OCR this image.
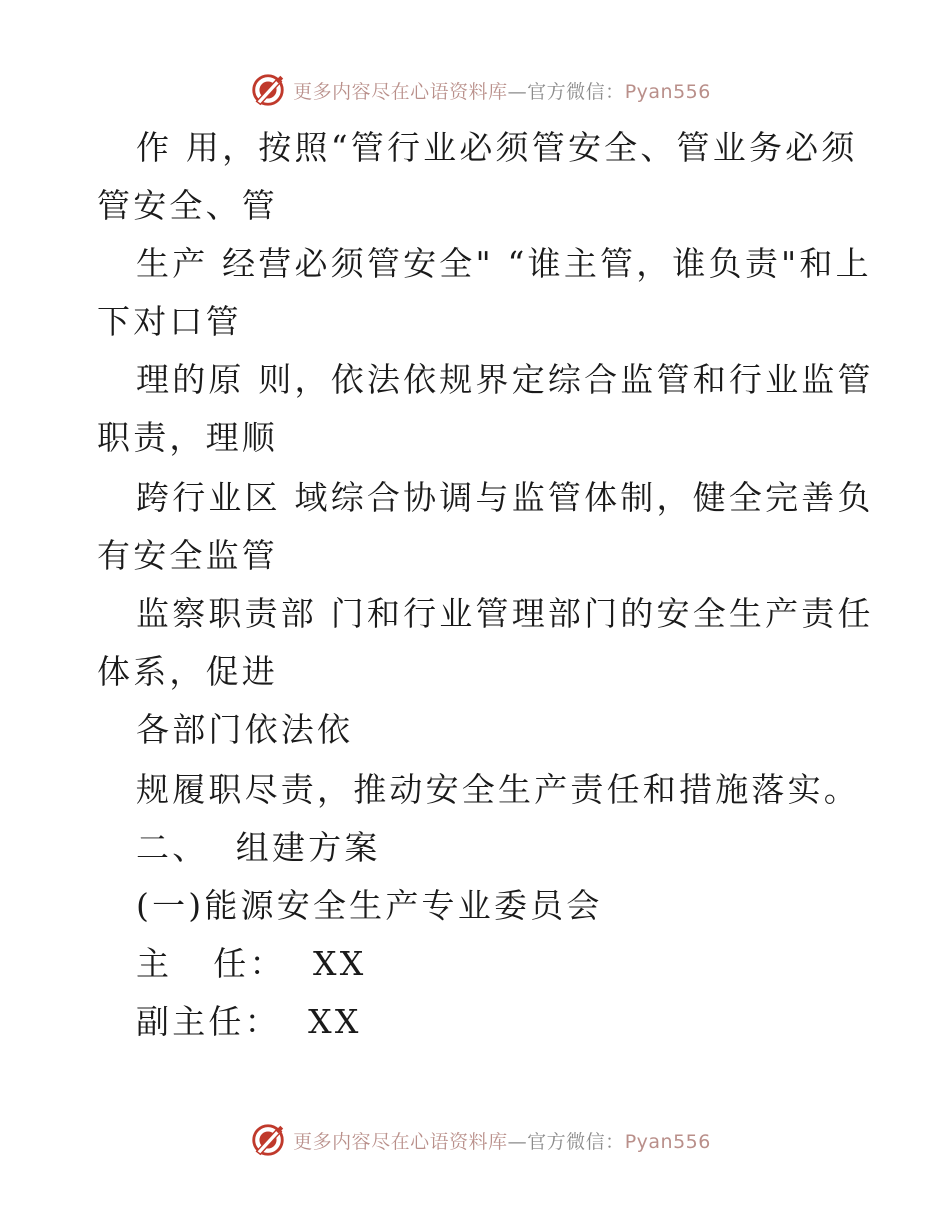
更多内容尽在心语资料库—官方微信：Pyan556
作 用，按照“管行业必须管安全、管业务必须
管安全、管
生产 经营必须管安全" “谁主管，谁负责"和上
下对口管
理的原 则，依法依规界定综合监管和行业监管
职责，理顺
跨行业区 域综合协调与监管体制，健全完善负
有安全监管
监察职责部 门和行业管理部门的安全生产责任
体系，促进
各部门依法依
规履职尽责，推动安全生产责任和措施落实。
二、  组建方案
(一)能源安全生产专业委员会
主   任：  XX
副主任：  XX
更多内容尽在心语资料库—官方微信：Pyan556
